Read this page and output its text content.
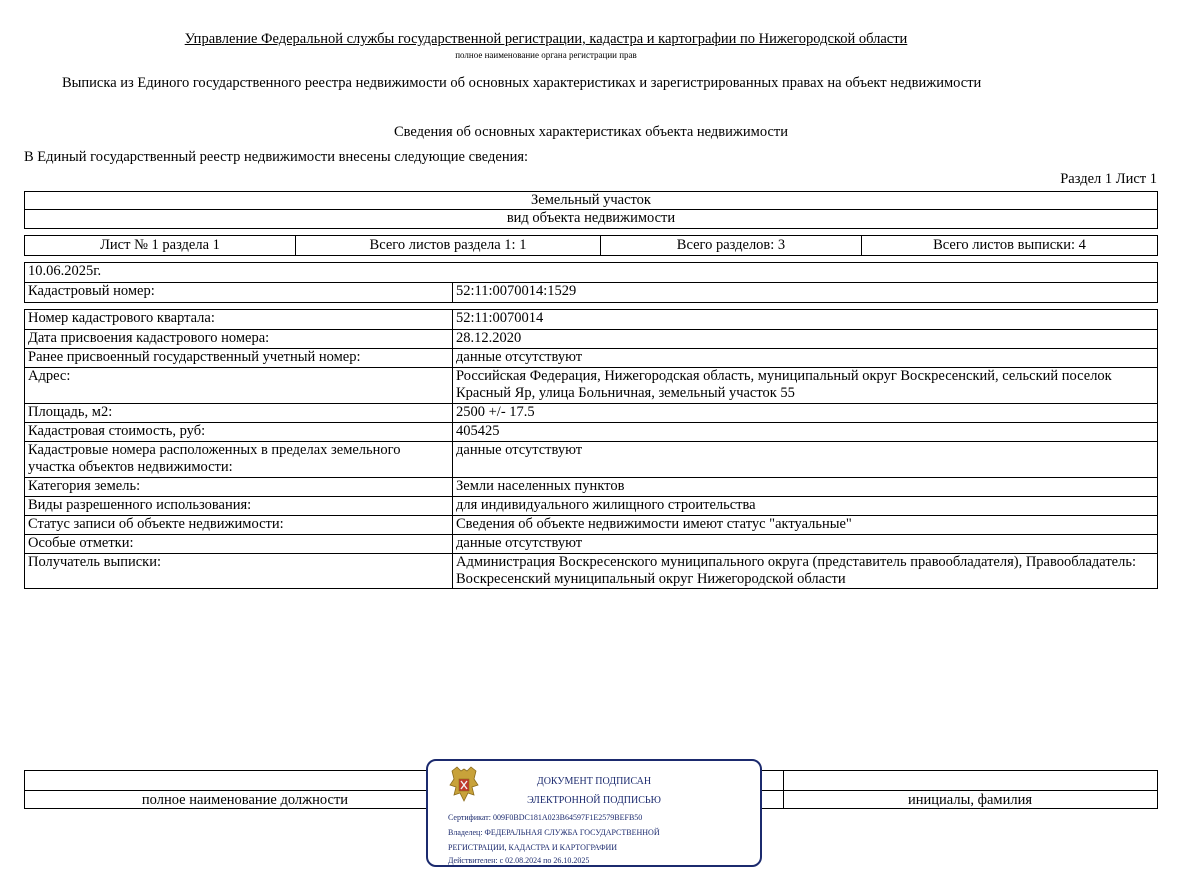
Управление Федеральной службы государственной регистрации, кадастра и картографии по Нижегородской области
полное наименование органа регистрации прав
Выписка из Единого государственного реестра недвижимости об основных характеристиках и зарегистрированных правах на объект недвижимости
Сведения об основных характеристиках объекта недвижимости
В Единый государственный реестр недвижимости внесены следующие сведения:
Раздел 1 Лист 1
Земельный участок
вид объекта недвижимости
Лист № 1 раздела 1	Всего листов раздела 1: 1	Всего разделов: 3	Всего листов выписки: 4
10.06.2025г.
Кадастровый номер:	52:11:0070014:1529
Номер кадастрового квартала:	52:11:0070014
Дата присвоения кадастрового номера:	28.12.2020
Ранее присвоенный государственный учетный номер:	данные отсутствуют
Адрес:	Российская Федерация, Нижегородская область, муниципальный округ Воскресенский, сельский поселок Красный Яр, улица Больничная, земельный участок 55
Площадь, м2:	2500 +/- 17.5
Кадастровая стоимость, руб:	405425
Кадастровые номера расположенных в пределах земельного участка объектов недвижимости:
данные отсутствуют
Категория земель:	Земли населенных пунктов
Виды разрешенного использования:	для индивидуального жилищного строительства
Статус записи об объекте недвижимости:	Сведения об объекте недвижимости имеют статус "актуальные"
Особые отметки:	данные отсутствуют
Получатель выписки:	Администрация Воскресенского муниципального округа (представитель правообладателя), Правообладатель: Воскресенский муниципальный округ Нижегородской области
полное наименование должности	инициалы, фамилия
ДОКУМЕНТ ПОДПИСАН
ЭЛЕКТРОННОЙ ПОДПИСЬЮ
Сертификат: 009F0BDC181A023B64597F1E2579BEFB50
Владелец: ФЕДЕРАЛЬНАЯ СЛУЖБА ГОСУДАРСТВЕННОЙ
РЕГИСТРАЦИИ, КАДАСТРА И КАРТОГРАФИИ
Действителен: с 02.08.2024 по 26.10.2025
